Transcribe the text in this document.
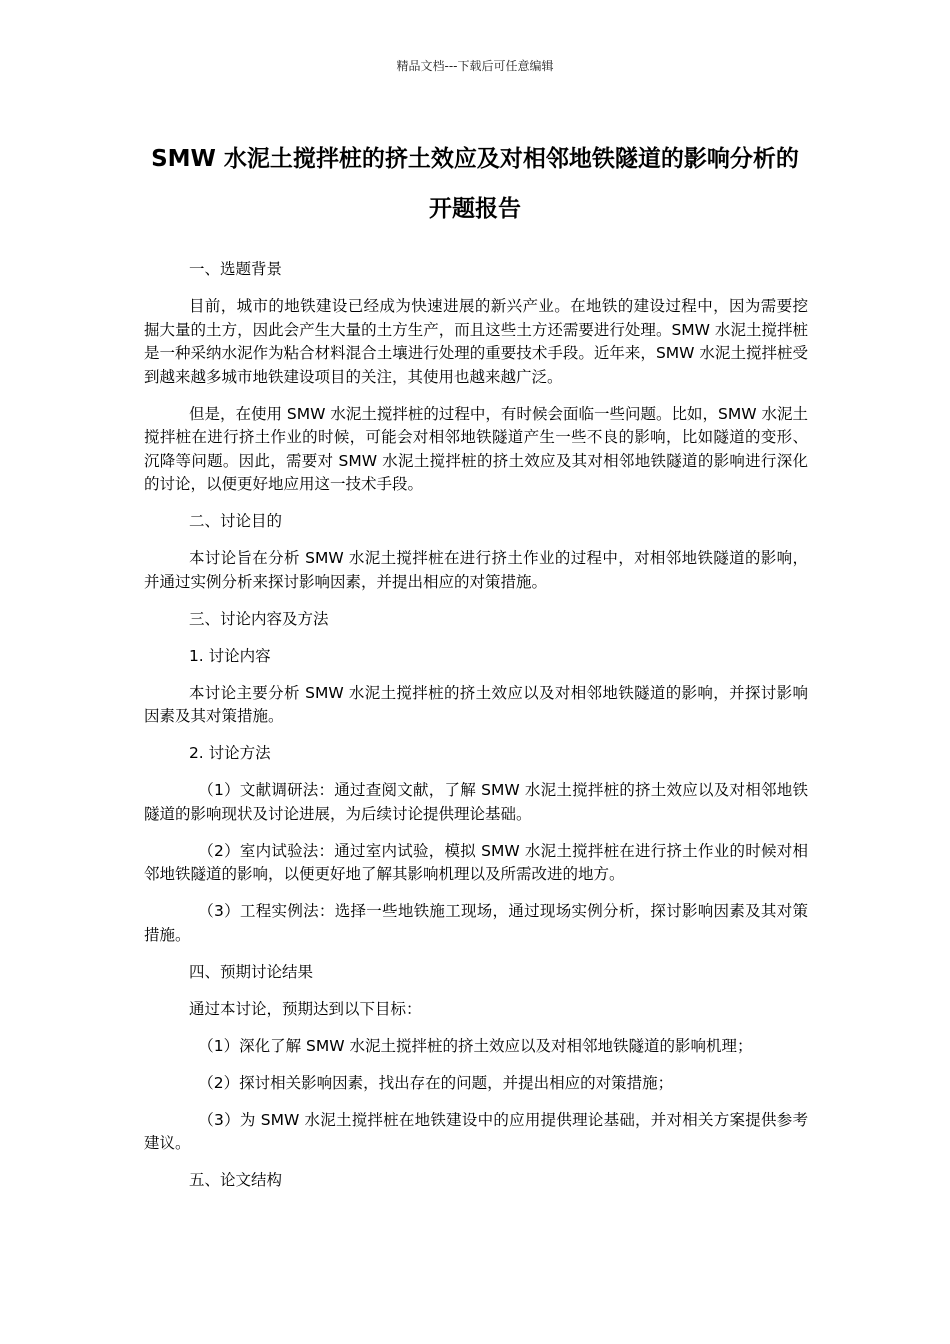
精品文档---下载后可任意编辑
SMW 水泥土搅拌桩的挤土效应及对相邻地铁隧道的影响分析的开题报告

一、选题背景

目前，城市的地铁建设已经成为快速进展的新兴产业。在地铁的建设过程中，因为需要挖掘大量的土方，因此会产生大量的土方生产，而且这些土方还需要进行处理。SMW 水泥土搅拌桩是一种采纳水泥作为粘合材料混合土壤进行处理的重要技术手段。近年来，SMW 水泥土搅拌桩受到越来越多城市地铁建设项目的关注，其使用也越来越广泛。

但是，在使用 SMW 水泥土搅拌桩的过程中，有时候会面临一些问题。比如，SMW 水泥土搅拌桩在进行挤土作业的时候，可能会对相邻地铁隧道产生一些不良的影响，比如隧道的变形、沉降等问题。因此，需要对 SMW 水泥土搅拌桩的挤土效应及其对相邻地铁隧道的影响进行深化的讨论，以便更好地应用这一技术手段。

二、讨论目的

本讨论旨在分析 SMW 水泥土搅拌桩在进行挤土作业的过程中，对相邻地铁隧道的影响，并通过实例分析来探讨影响因素，并提出相应的对策措施。

三、讨论内容及方法

1. 讨论内容

本讨论主要分析 SMW 水泥土搅拌桩的挤土效应以及对相邻地铁隧道的影响，并探讨影响因素及其对策措施。

2. 讨论方法

（1）文献调研法：通过查阅文献，了解 SMW 水泥土搅拌桩的挤土效应以及对相邻地铁隧道的影响现状及讨论进展，为后续讨论提供理论基础。

（2）室内试验法：通过室内试验，模拟 SMW 水泥土搅拌桩在进行挤土作业的时候对相邻地铁隧道的影响，以便更好地了解其影响机理以及所需改进的地方。

（3）工程实例法：选择一些地铁施工现场，通过现场实例分析，探讨影响因素及其对策措施。

四、预期讨论结果

通过本讨论，预期达到以下目标：

（1）深化了解 SMW 水泥土搅拌桩的挤土效应以及对相邻地铁隧道的影响机理；

（2）探讨相关影响因素，找出存在的问题，并提出相应的对策措施；

（3）为 SMW 水泥土搅拌桩在地铁建设中的应用提供理论基础，并对相关方案提供参考建议。

五、论文结构
